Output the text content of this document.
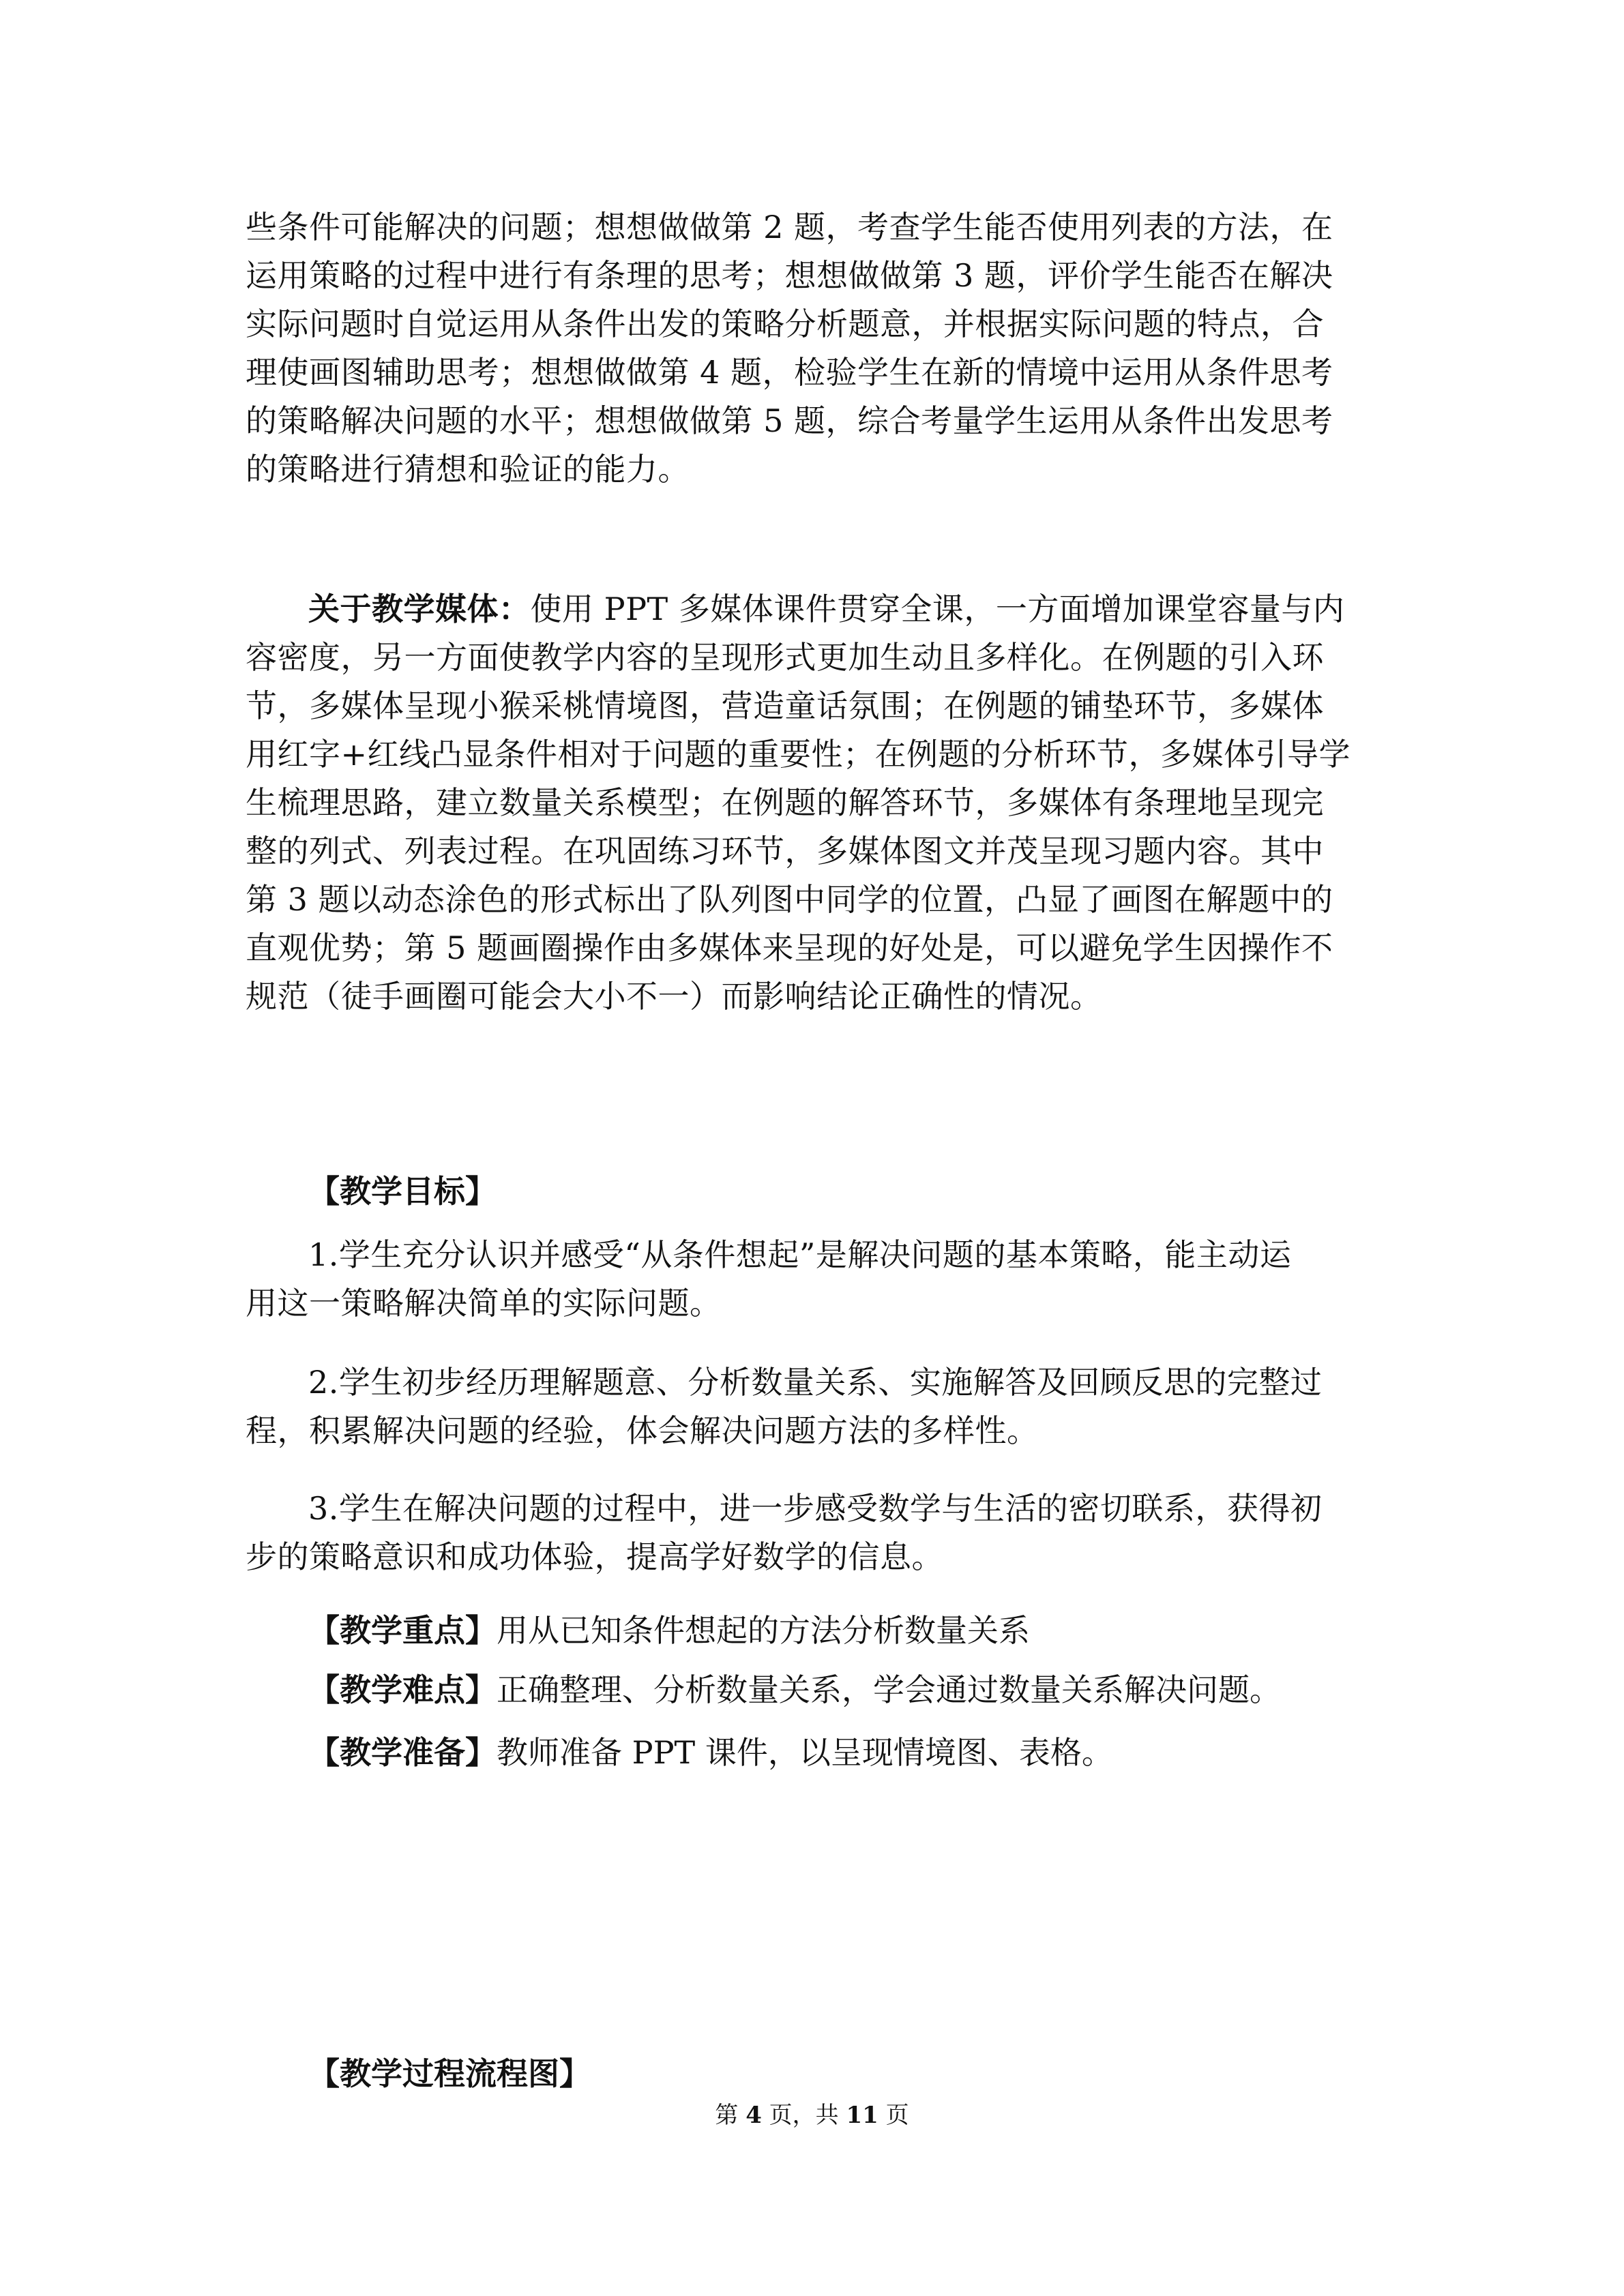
些条件可能解决的问题；想想做做第 2 题，考查学生能否使用列表的方法，在
运用策略的过程中进行有条理的思考；想想做做第 3 题，评价学生能否在解决
实际问题时自觉运用从条件出发的策略分析题意，并根据实际问题的特点，合
理使画图辅助思考；想想做做第 4 题，检验学生在新的情境中运用从条件思考
的策略解决问题的水平；想想做做第 5 题，综合考量学生运用从条件出发思考
的策略进行猜想和验证的能力。
关于教学媒体：使用 PPT 多媒体课件贯穿全课，一方面增加课堂容量与内
容密度，另一方面使教学内容的呈现形式更加生动且多样化。在例题的引入环
节，多媒体呈现小猴采桃情境图，营造童话氛围；在例题的铺垫环节，多媒体
用红字+红线凸显条件相对于问题的重要性；在例题的分析环节，多媒体引导学
生梳理思路，建立数量关系模型；在例题的解答环节，多媒体有条理地呈现完
整的列式、列表过程。在巩固练习环节，多媒体图文并茂呈现习题内容。其中
第 3 题以动态涂色的形式标出了队列图中同学的位置，凸显了画图在解题中的
直观优势；第 5 题画圈操作由多媒体来呈现的好处是，可以避免学生因操作不
规范（徒手画圈可能会大小不一）而影响结论正确性的情况。
【教学目标】
1.学生充分认识并感受“从条件想起”是解决问题的基本策略，能主动运
用这一策略解决简单的实际问题。
2.学生初步经历理解题意、分析数量关系、实施解答及回顾反思的完整过
程，积累解决问题的经验，体会解决问题方法的多样性。
3.学生在解决问题的过程中，进一步感受数学与生活的密切联系，获得初
步的策略意识和成功体验，提高学好数学的信息。
【教学重点】用从已知条件想起的方法分析数量关系
【教学难点】正确整理、分析数量关系，学会通过数量关系解决问题。
【教学准备】教师准备 PPT 课件，以呈现情境图、表格。
【教学过程流程图】
第 4 页，共 11 页
